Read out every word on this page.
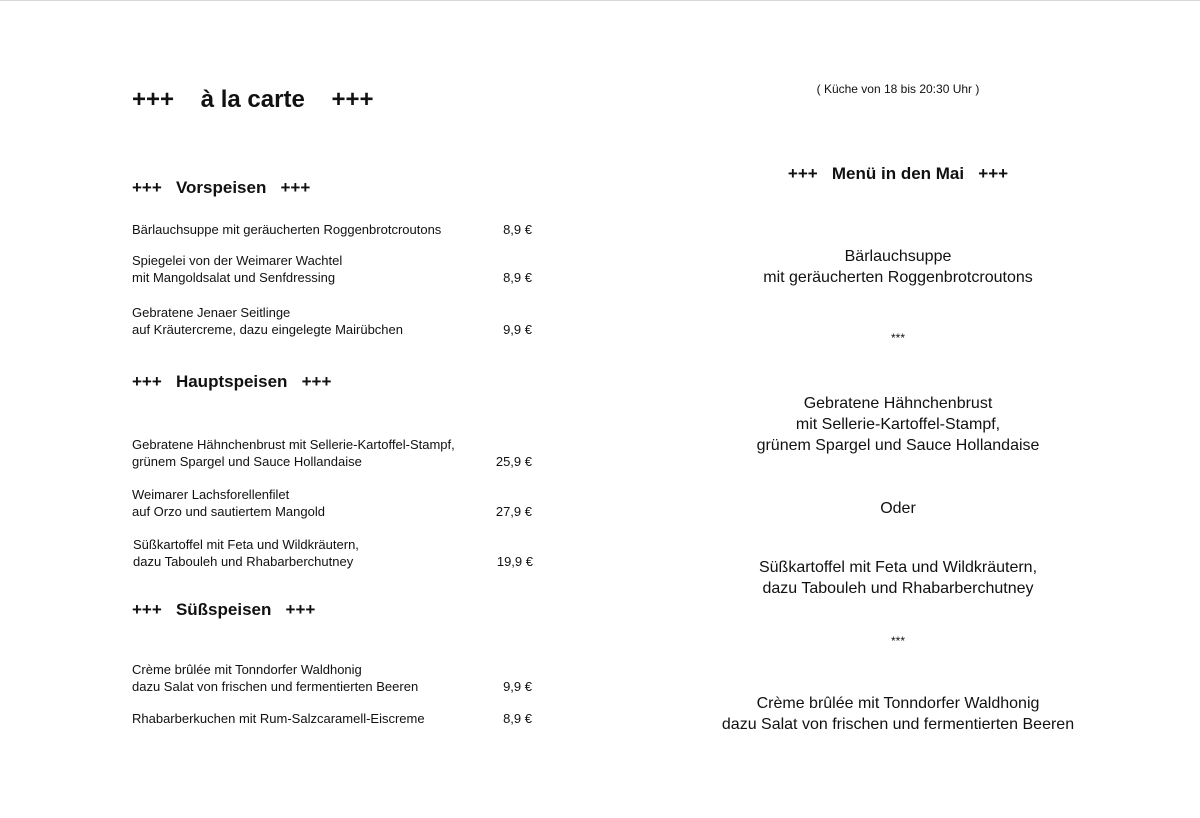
+++    à la carte    +++
+++   Vorspeisen   +++
Bärlauchsuppe mit geräucherten Roggenbrotcroutons	8,9 €
Spiegelei von der Weimarer Wachtel
mit Mangoldsalat und Senfdressing	8,9 €
Gebratene Jenaer Seitlinge
auf Kräutercreme, dazu eingelegte Mairübchen	9,9 €
+++   Hauptspeisen   +++
Gebratene Hähnchenbrust mit Sellerie-Kartoffel-Stampf,
grünem Spargel und Sauce Hollandaise	25,9 €
Weimarer Lachsforellenfilet
auf Orzo und sautiertem Mangold	27,9 €
Süßkartoffel mit Feta und Wildkräutern,
dazu Tabouleh und Rhabarberchutney	19,9 €
+++   Süßspeisen   +++
Crème brûlée mit Tonndorfer Waldhonig
dazu Salat von frischen und fermentierten Beeren	9,9 €
Rhabarberkuchen mit Rum-Salzcaramell-Eiscreme	8,9 €
( Küche von 18 bis 20:30 Uhr )
+++   Menü in den Mai   +++
Bärlauchsuppe
mit geräucherten Roggenbrotcroutons
***
Gebratene Hähnchenbrust
mit Sellerie-Kartoffel-Stampf,
grünem Spargel und Sauce Hollandaise
Oder
Süßkartoffel mit Feta und Wildkräutern,
dazu Tabouleh und Rhabarberchutney
***
Crème brûlée mit Tonndorfer Waldhonig
dazu Salat von frischen und fermentierten Beeren
